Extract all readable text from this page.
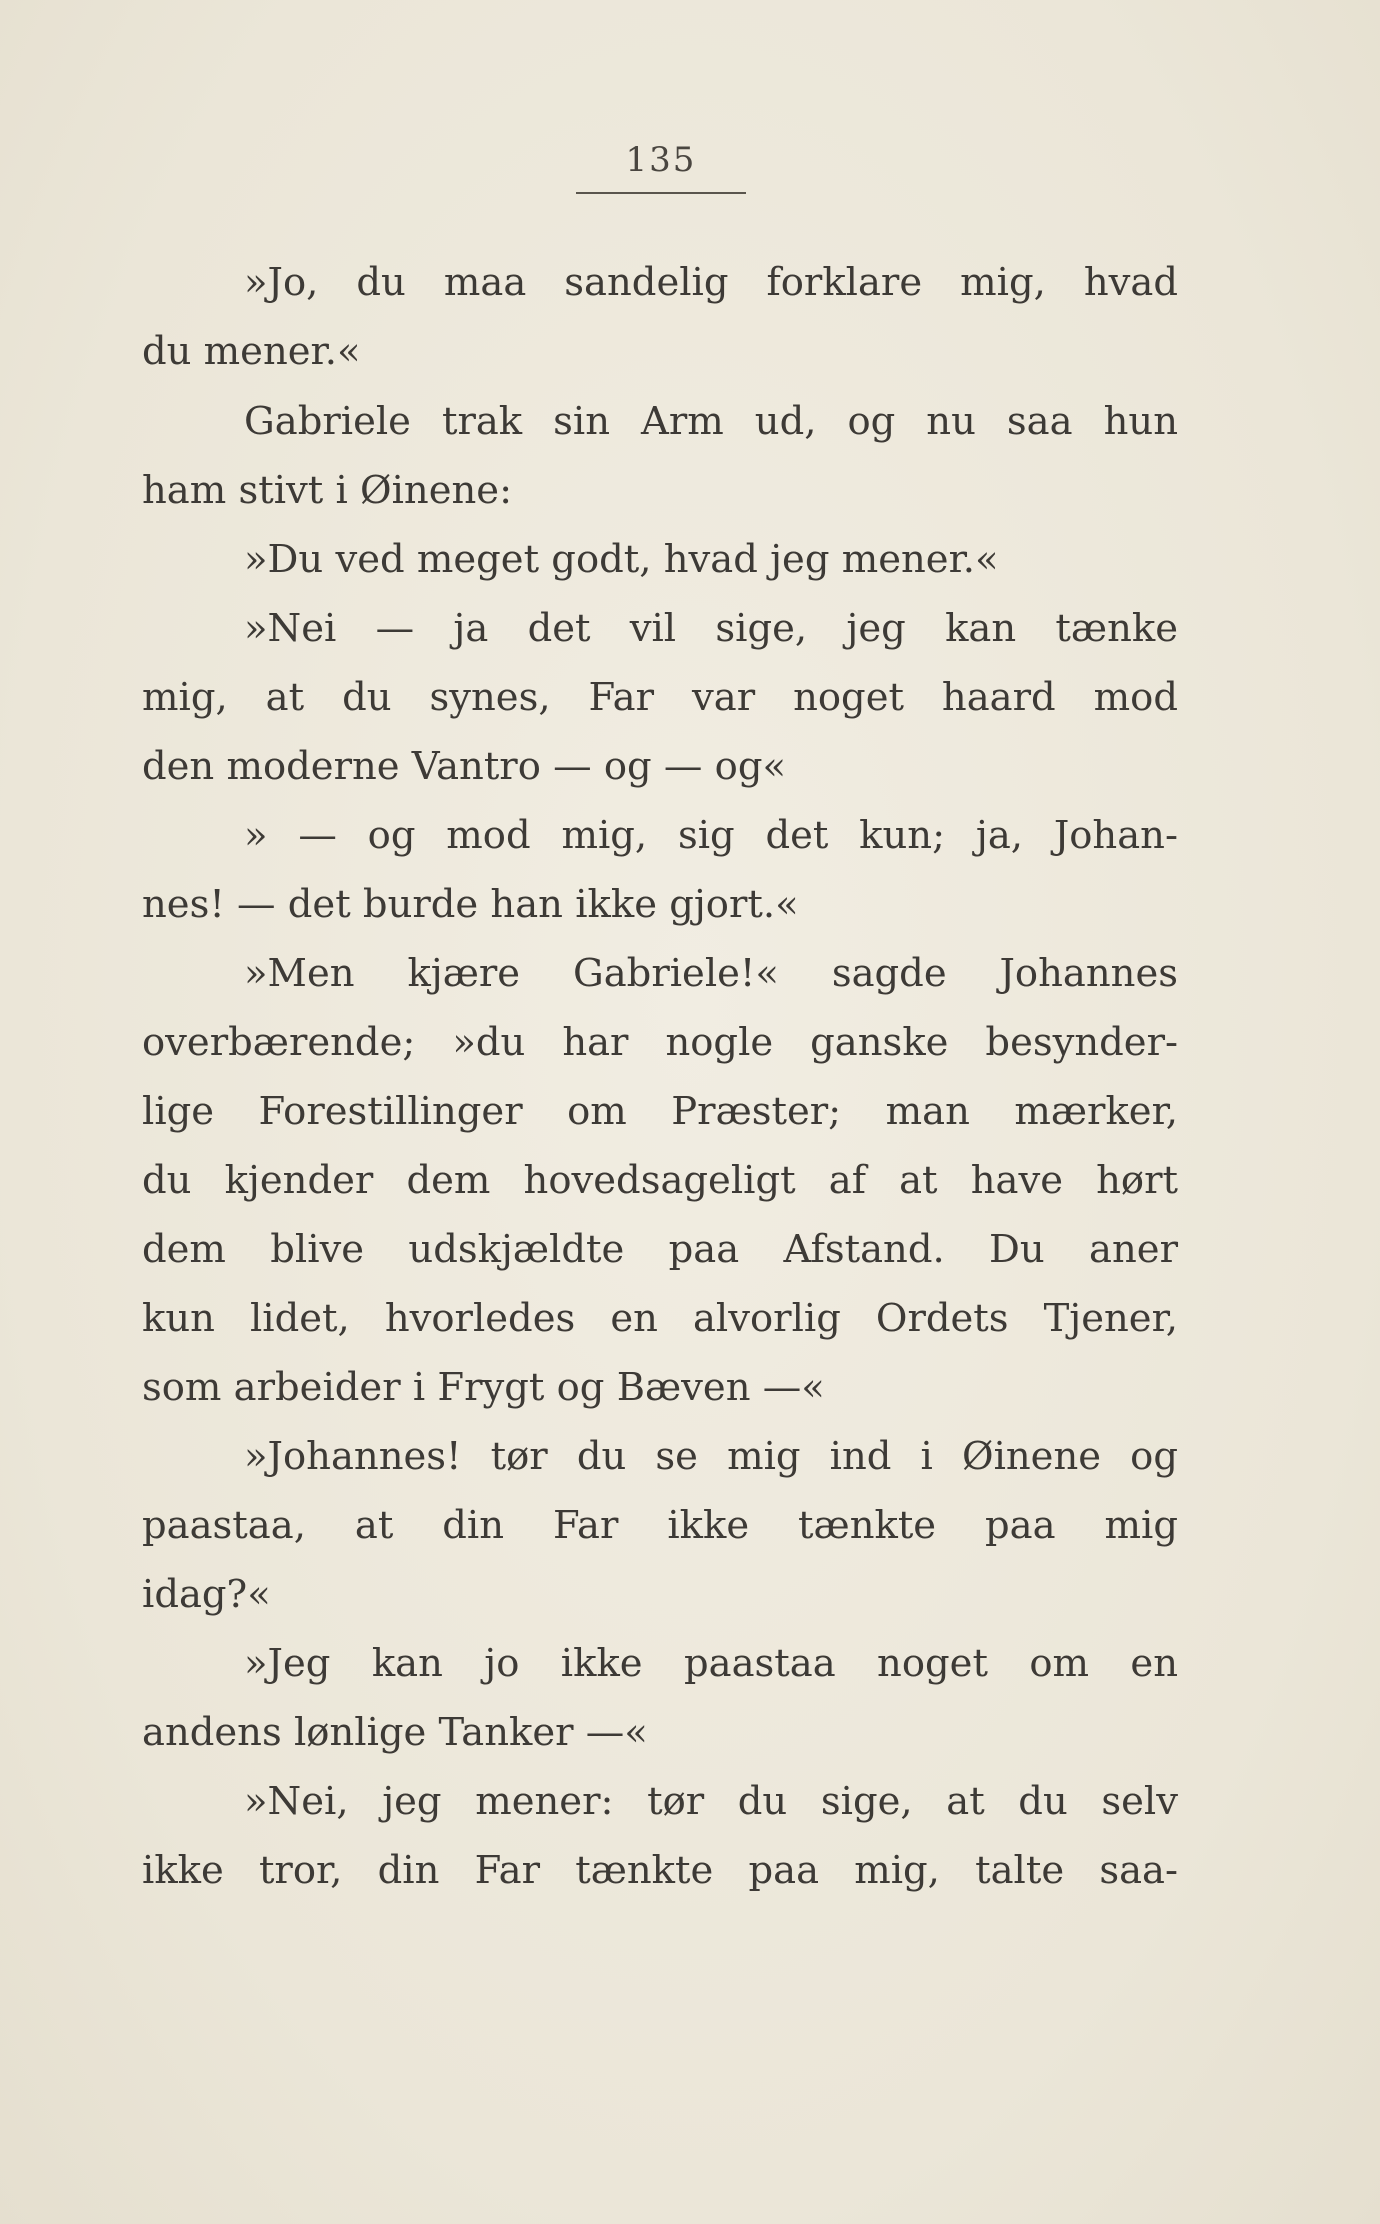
135
»Jo, du maa sandelig forklare mig, hvad
du mener.«
Gabriele trak sin Arm ud, og nu saa hun
ham stivt i Øinene:
»Du ved meget godt, hvad jeg mener.«
»Nei — ja det vil sige, jeg kan tænke
mig, at du synes, Far var noget haard mod
den moderne Vantro — og — og«
» — og mod mig, sig det kun; ja, Johan-
nes! — det burde han ikke gjort.«
»Men kjære Gabriele!« sagde Johannes
overbærende; »du har nogle ganske besynder-
lige Forestillinger om Præster; man mærker,
du kjender dem hovedsageligt af at have hørt
dem blive udskjældte paa Afstand. Du aner
kun lidet, hvorledes en alvorlig Ordets Tjener,
som arbeider i Frygt og Bæven —«
»Johannes! tør du se mig ind i Øinene og
paastaa, at din Far ikke tænkte paa mig
idag?«
»Jeg kan jo ikke paastaa noget om en
andens lønlige Tanker —«
»Nei, jeg mener: tør du sige, at du selv
ikke tror, din Far tænkte paa mig, talte saa-
